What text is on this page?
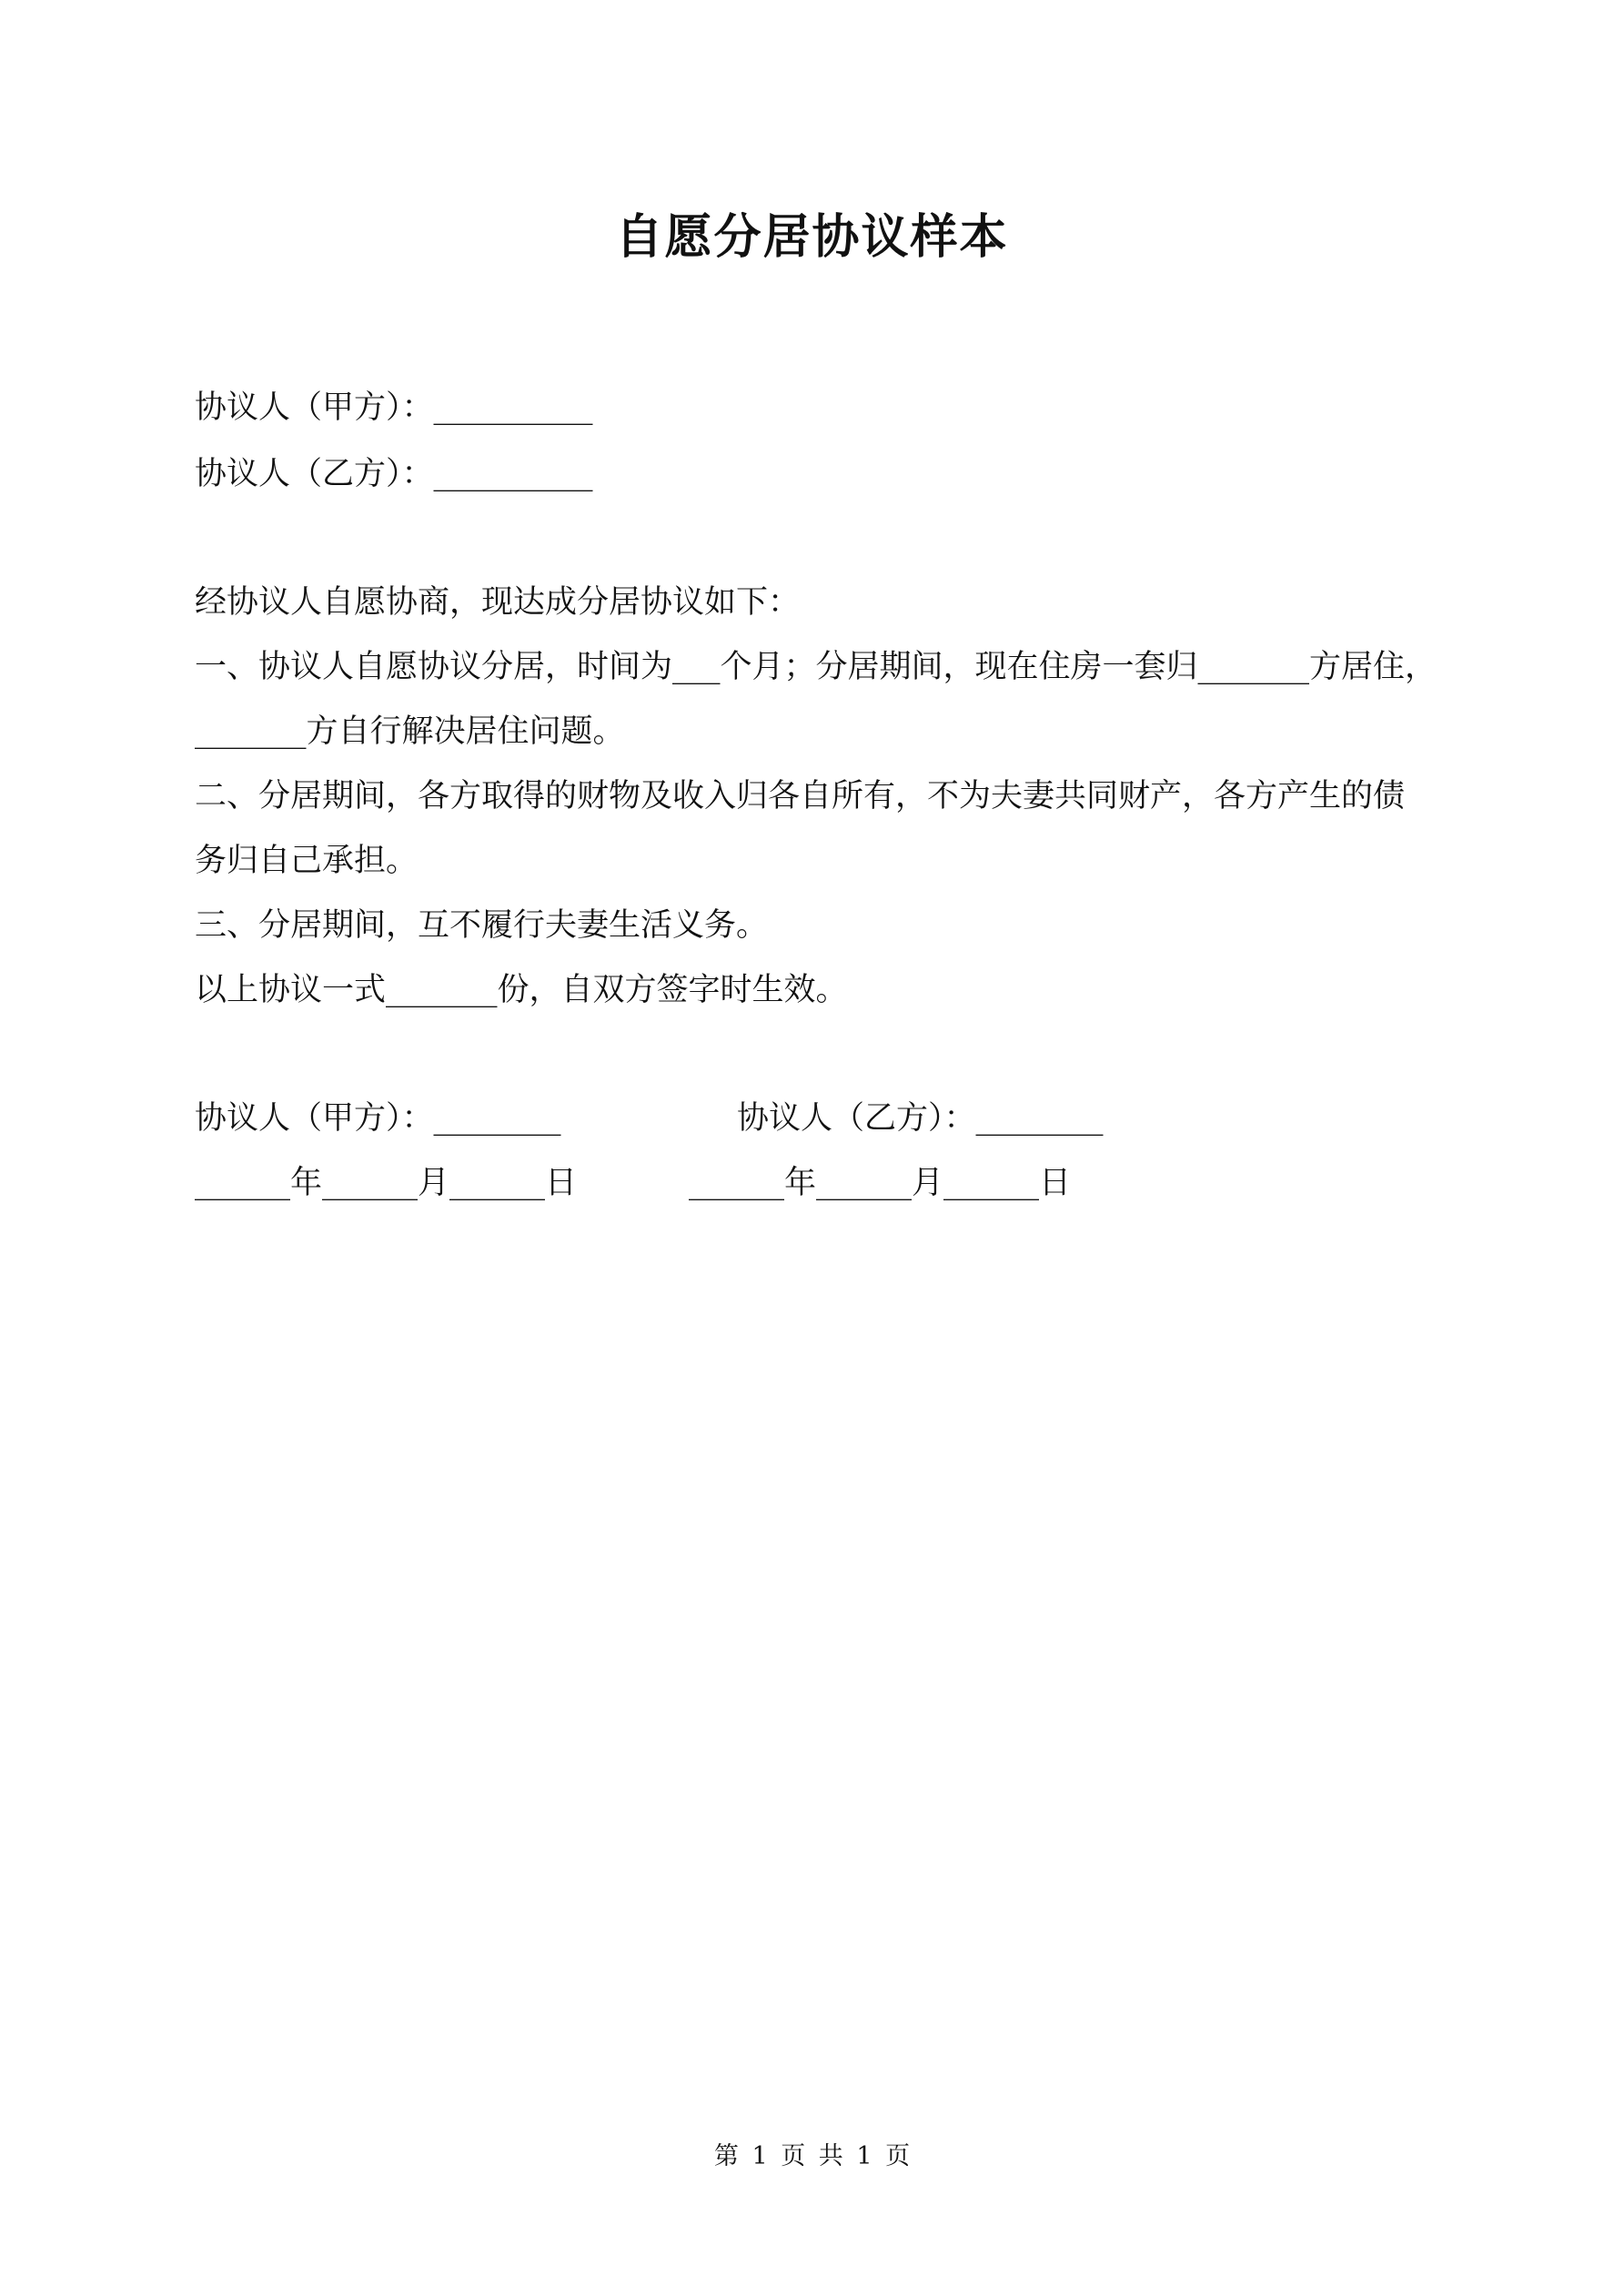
自愿分居协议样本
协议人（甲方）：__________
协议人（乙方）：__________
经协议人自愿协商，现达成分居协议如下：
一、协议人自愿协议分居，时间为___个月；分居期间，现在住房一套归_______方居住，
_______方自行解决居住问题。
二、分居期间，各方取得的财物及收入归各自所有，不为夫妻共同财产，各方产生的债
务归自己承担。
三、分居期间，互不履行夫妻生活义务。
以上协议一式_______份，自双方签字时生效。
协议人（甲方）：________	协议人（乙方）：________
______年______月______日	______年______月______日
第 1 页 共 1 页
